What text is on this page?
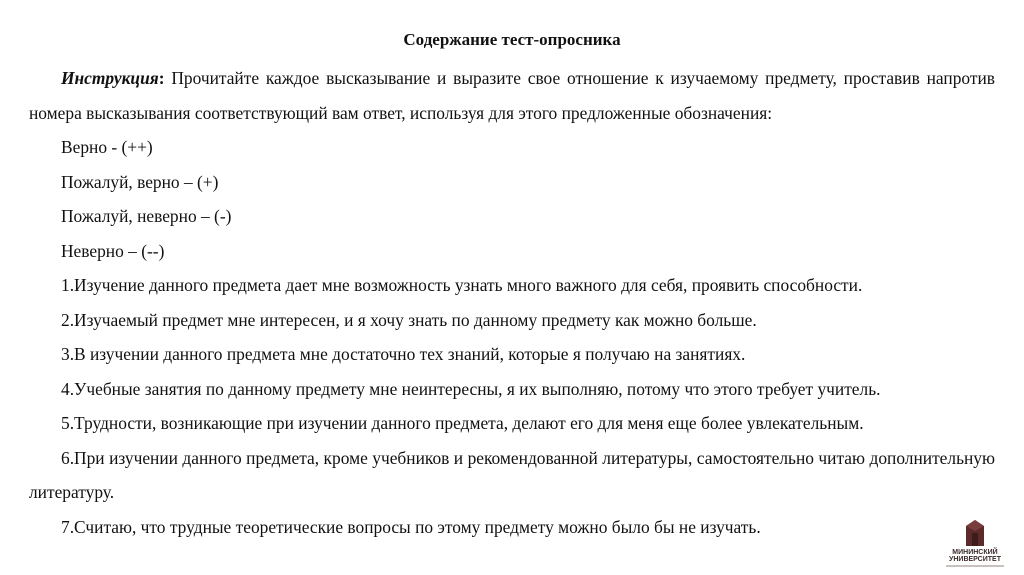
Содержание тест-опросника

Инструкция: Прочитайте каждое высказывание и выразите свое отношение к изучаемому предмету, проставив напротив номера высказывания соответствующий вам ответ, используя для этого предложенные обозначения:

Верно - (++)

Пожалуй, верно – (+)

Пожалуй, неверно – (-)

Неверно – (--)

1.Изучение данного предмета дает мне возможность узнать много важного для себя, проявить способности.

2.Изучаемый предмет мне интересен, и я хочу знать по данному предмету как можно больше.

3.В изучении данного предмета мне достаточно тех знаний, которые я получаю на занятиях.

4.Учебные занятия по данному предмету мне неинтересны, я их выполняю, потому что этого требует учитель.

5.Трудности, возникающие при изучении данного предмета, делают его для меня еще более увлекательным.

6.При изучении данного предмета, кроме учебников и рекомендованной литературы, самостоятельно читаю дополнительную литературу.

7.Считаю, что трудные теоретические вопросы по этому предмету можно было бы не изучать.

МИНИНСКИЙ
УНИВЕРСИТЕТ
